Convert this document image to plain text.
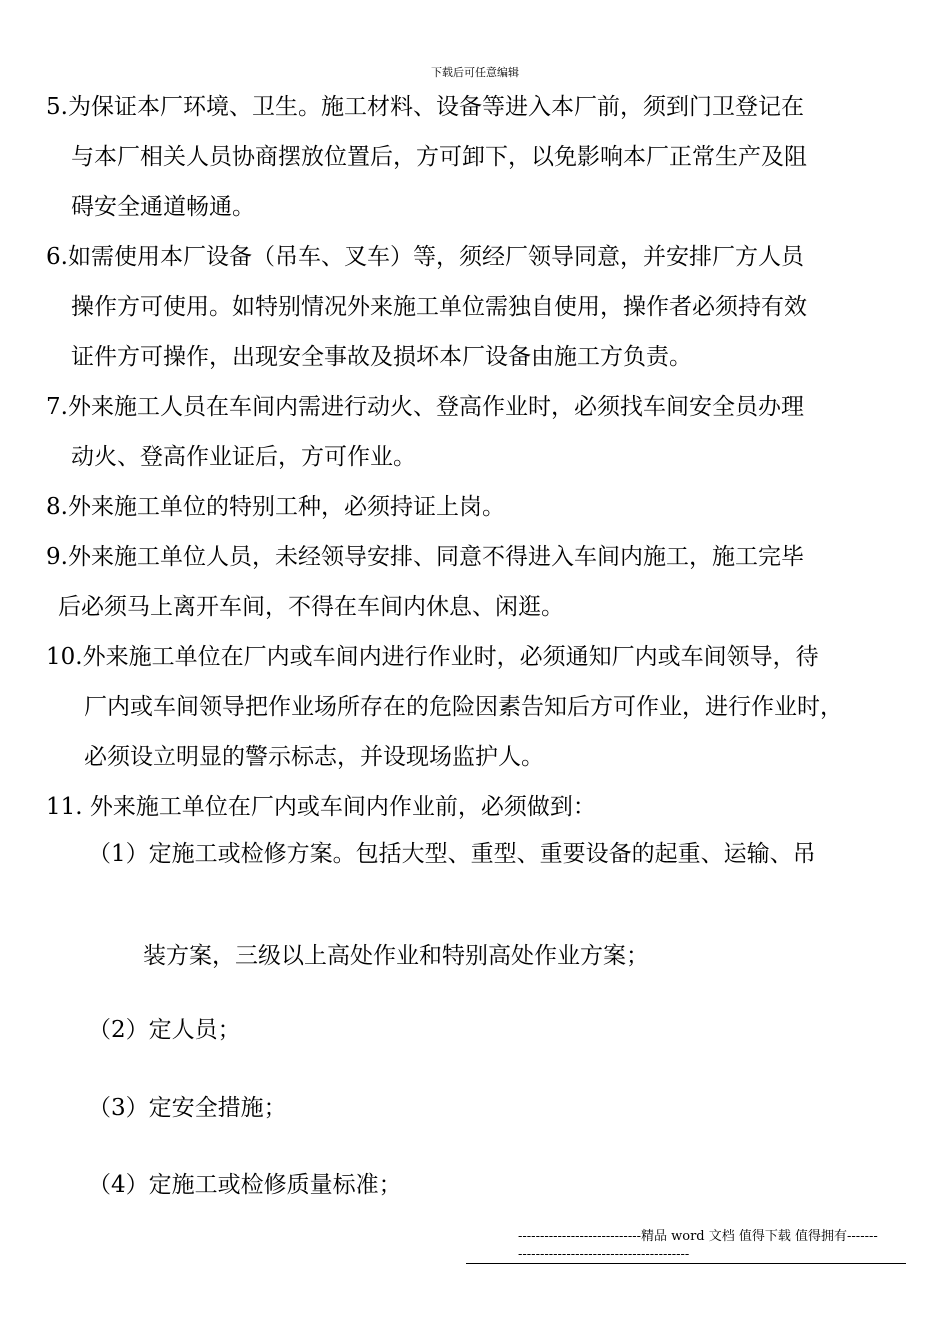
下载后可任意编辑
5.为保证本厂环境、卫生。施工材料、设备等进入本厂前，须到门卫登记在
与本厂相关人员协商摆放位置后，方可卸下，以免影响本厂正常生产及阻
碍安全通道畅通。
6.如需使用本厂设备（吊车、叉车）等，须经厂领导同意，并安排厂方人员
操作方可使用。如特别情况外来施工单位需独自使用，操作者必须持有效
证件方可操作，出现安全事故及损坏本厂设备由施工方负责。
7.外来施工人员在车间内需进行动火、登高作业时，必须找车间安全员办理
动火、登高作业证后，方可作业。
8.外来施工单位的特别工种，必须持证上岗。
9.外来施工单位人员，未经领导安排、同意不得进入车间内施工，施工完毕
后必须马上离开车间，不得在车间内休息、闲逛。
10.外来施工单位在厂内或车间内进行作业时，必须通知厂内或车间领导，待
厂内或车间领导把作业场所存在的危险因素告知后方可作业，进行作业时，
必须设立明显的警示标志，并设现场监护人。
11. 外来施工单位在厂内或车间内作业前，必须做到：
（1）定施工或检修方案。包括大型、重型、重要设备的起重、运输、吊
装方案，三级以上高处作业和特别高处作业方案；
（2）定人员；
（3）定安全措施；
（4）定施工或检修质量标准；
----------------------------精品 word 文档 值得下载 值得拥有----------------------------------------------
